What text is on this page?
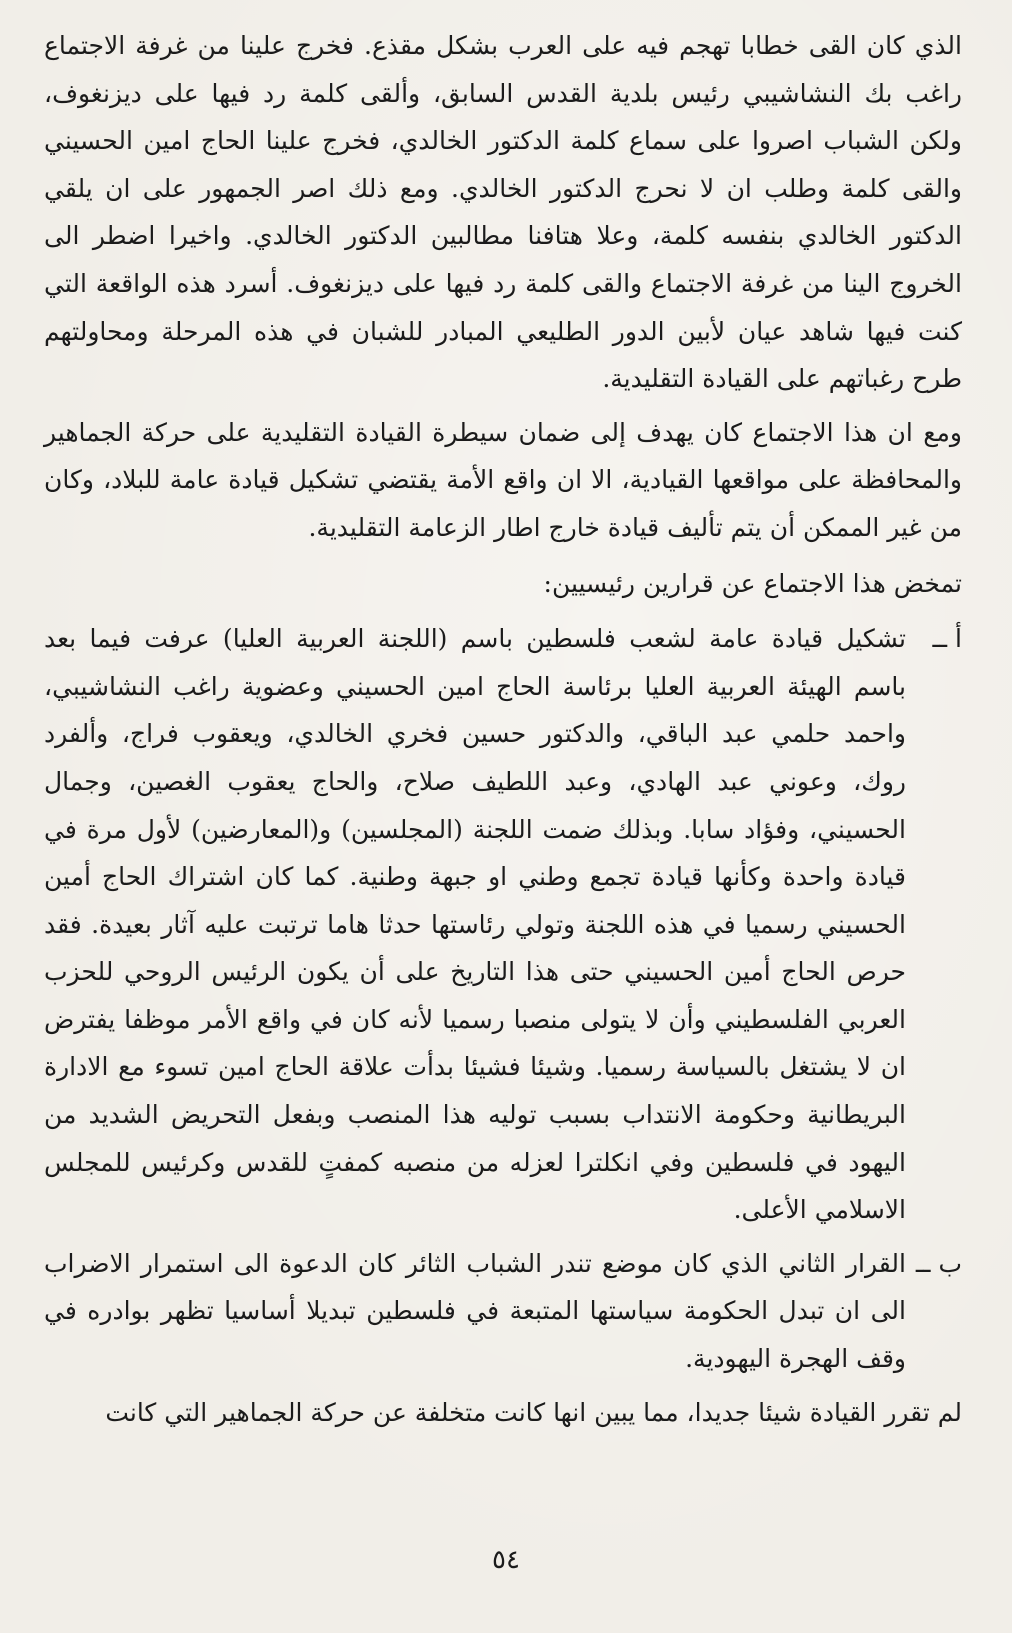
الذي كان القى خطابا تهجم فيه على العرب بشكل مقذع. فخرج علينا من غرفة الاجتماع راغب بك النشاشيبي رئيس بلدية القدس السابق، وألقى كلمة رد فيها على ديزنغوف، ولكن الشباب اصروا على سماع كلمة الدكتور الخالدي، فخرج علينا الحاج امين الحسيني والقى كلمة وطلب ان لا نحرج الدكتور الخالدي. ومع ذلك اصر الجمهور على ان يلقي الدكتور الخالدي بنفسه كلمة، وعلا هتافنا مطالبين الدكتور الخالدي. واخيرا اضطر الى الخروج الينا من غرفة الاجتماع والقى كلمة رد فيها على ديزنغوف. أسرد هذه الواقعة التي كنت فيها شاهد عيان لأبين الدور الطليعي المبادر للشبان في هذه المرحلة ومحاولتهم طرح رغباتهم على القيادة التقليدية.

ومع ان هذا الاجتماع كان يهدف إلى ضمان سيطرة القيادة التقليدية على حركة الجماهير والمحافظة على مواقعها القيادية، الا ان واقع الأمة يقتضي تشكيل قيادة عامة للبلاد، وكان من غير الممكن أن يتم تأليف قيادة خارج اطار الزعامة التقليدية.

تمخض هذا الاجتماع عن قرارين رئيسيين:

أ ــ
تشكيل قيادة عامة لشعب فلسطين باسم (اللجنة العربية العليا) عرفت فيما بعد باسم الهيئة العربية العليا برئاسة الحاج امين الحسيني وعضوية راغب النشاشيبي، واحمد حلمي عبد الباقي، والدكتور حسين فخري الخالدي، ويعقوب فراج، وألفرد روك، وعوني عبد الهادي، وعبد اللطيف صلاح، والحاج يعقوب الغصين، وجمال الحسيني، وفؤاد سابا. وبذلك ضمت اللجنة (المجلسين) و(المعارضين) لأول مرة في قيادة واحدة وكأنها قيادة تجمع وطني او جبهة وطنية. كما كان اشتراك الحاج أمين الحسيني رسميا في هذه اللجنة وتولي رئاستها حدثا هاما ترتبت عليه آثار بعيدة. فقد حرص الحاج أمين الحسيني حتى هذا التاريخ على أن يكون الرئيس الروحي للحزب العربي الفلسطيني وأن لا يتولى منصبا رسميا لأنه كان في واقع الأمر موظفا يفترض ان لا يشتغل بالسياسة رسميا. وشيئا فشيئا بدأت علاقة الحاج امين تسوء مع الادارة البريطانية وحكومة الانتداب بسبب توليه هذا المنصب وبفعل التحريض الشديد من اليهود في فلسطين وفي انكلترا لعزله من منصبه كمفتٍ للقدس وكرئيس للمجلس الاسلامي الأعلى.
ب ــ
القرار الثاني الذي كان موضع تندر الشباب الثائر كان الدعوة الى استمرار الاضراب الى ان تبدل الحكومة سياستها المتبعة في فلسطين تبديلا أساسيا تظهر بوادره في وقف الهجرة اليهودية.

لم تقرر القيادة شيئا جديدا، مما يبين انها كانت متخلفة عن حركة الجماهير التي كانت

٥٤
